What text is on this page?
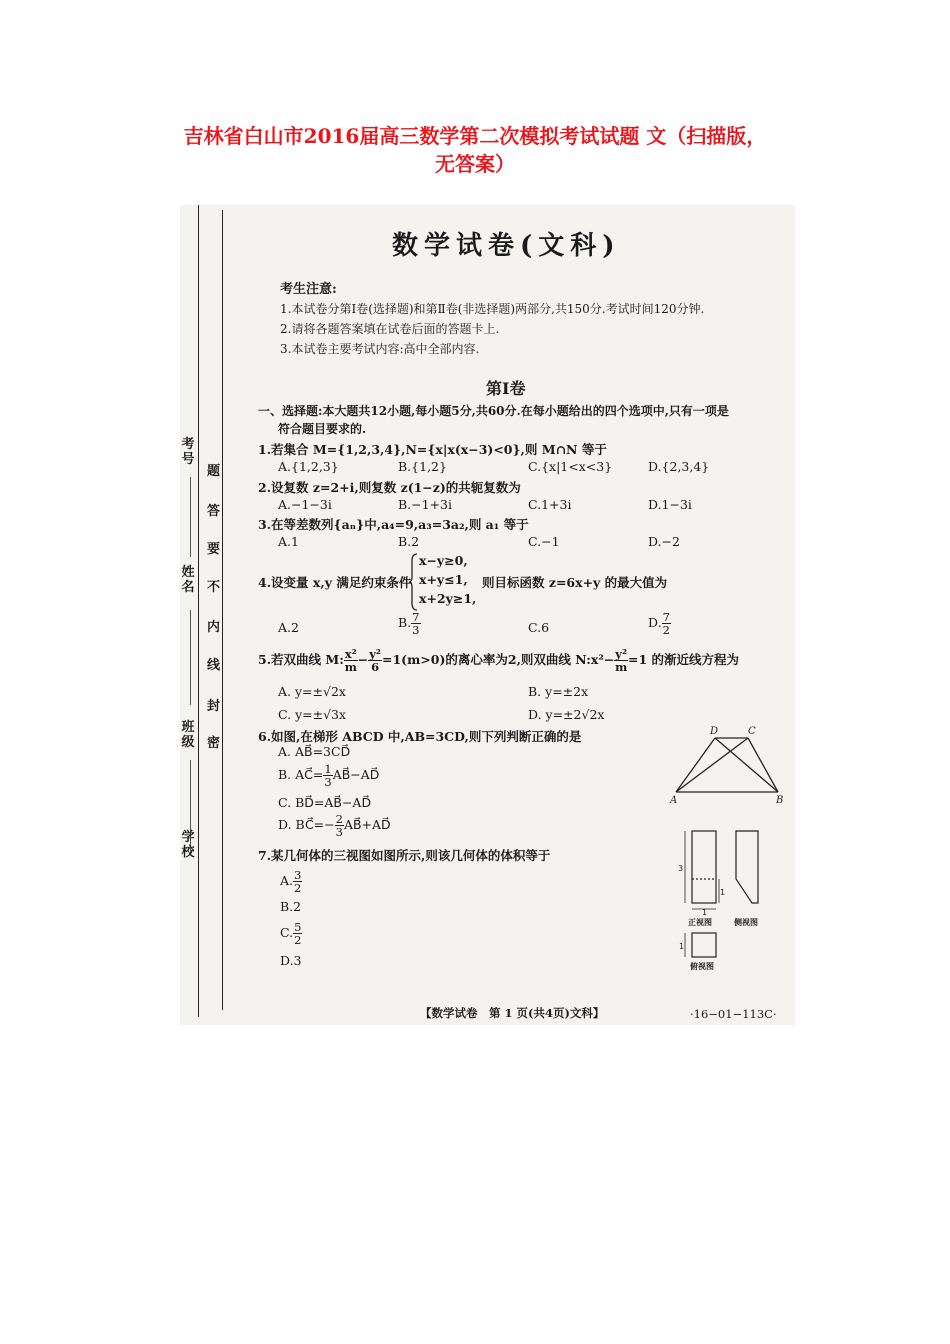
吉林省白山市2016届高三数学第二次模拟考试试题 文（扫描版，
无答案）
考号
姓名
班级
学校
题
答
要
不
内
线
封
密
数学试卷(文科)
考生注意:
1.本试卷分第Ⅰ卷(选择题)和第Ⅱ卷(非选择题)两部分,共150分.考试时间120分钟.
2.请将各题答案填在试卷后面的答题卡上.
3.本试卷主要考试内容:高中全部内容.
第Ⅰ卷
一、选择题:本大题共12小题,每小题5分,共60分.在每小题给出的四个选项中,只有一项是
符合题目要求的.
1.若集合 M={1,2,3,4},N={x|x(x−3)<0},则 M∩N 等于
A.{1,2,3}	B.{1,2}	C.{x|1<x<3}	D.{2,3,4}
2.设复数 z=2+i,则复数 z(1−z)的共轭复数为
A.−1−3i	B.−1+3i	C.1+3i	D.1−3i
3.在等差数列{aₙ}中,a₄=9,a₃=3a₂,则 a₁ 等于
A.1	B.2	C.−1	D.−2
4.设变量 x,y 满足约束条件
x−y≥0,
x+y≤1,
x+2y≥1,
则目标函数 z=6x+y 的最大值为
A.2	B. $\frac{7}{3}$	C.6	D. $\frac{7}{2}$
5.若双曲线 M: $\frac{\text{x²}}{m} - \frac{\text{y²}}{6} =1(m>0)$的离心率为2,则双曲线 N:x²− $\frac{\text{y²}}{m} =1$ 的渐近线方程为
A. y=±√2x	B. y=±2x
C. y=±√3x	D. y=±2√2x
6.如图,在梯形 ABCD 中,AB=3CD,则下列判断正确的是
A. AB⃗=3CD⃗
B. AC⃗= $\frac{1}{3}$ AB⃗−AD⃗
C. BD⃗=AB⃗−AD⃗
D. BC⃗=− $\frac{2}{3}$ AB⃗+AD⃗
D	C
A	B
7.某几何体的三视图如图所示,则该几何体的体积等于
A. $\frac{3}{2}$
B.2
C. $\frac{5}{2}$
D.3
3
1
1
正视图	侧视图
1
俯视图
【数学试卷　第 1 页(共4页)文科】	·16−01−113C·
